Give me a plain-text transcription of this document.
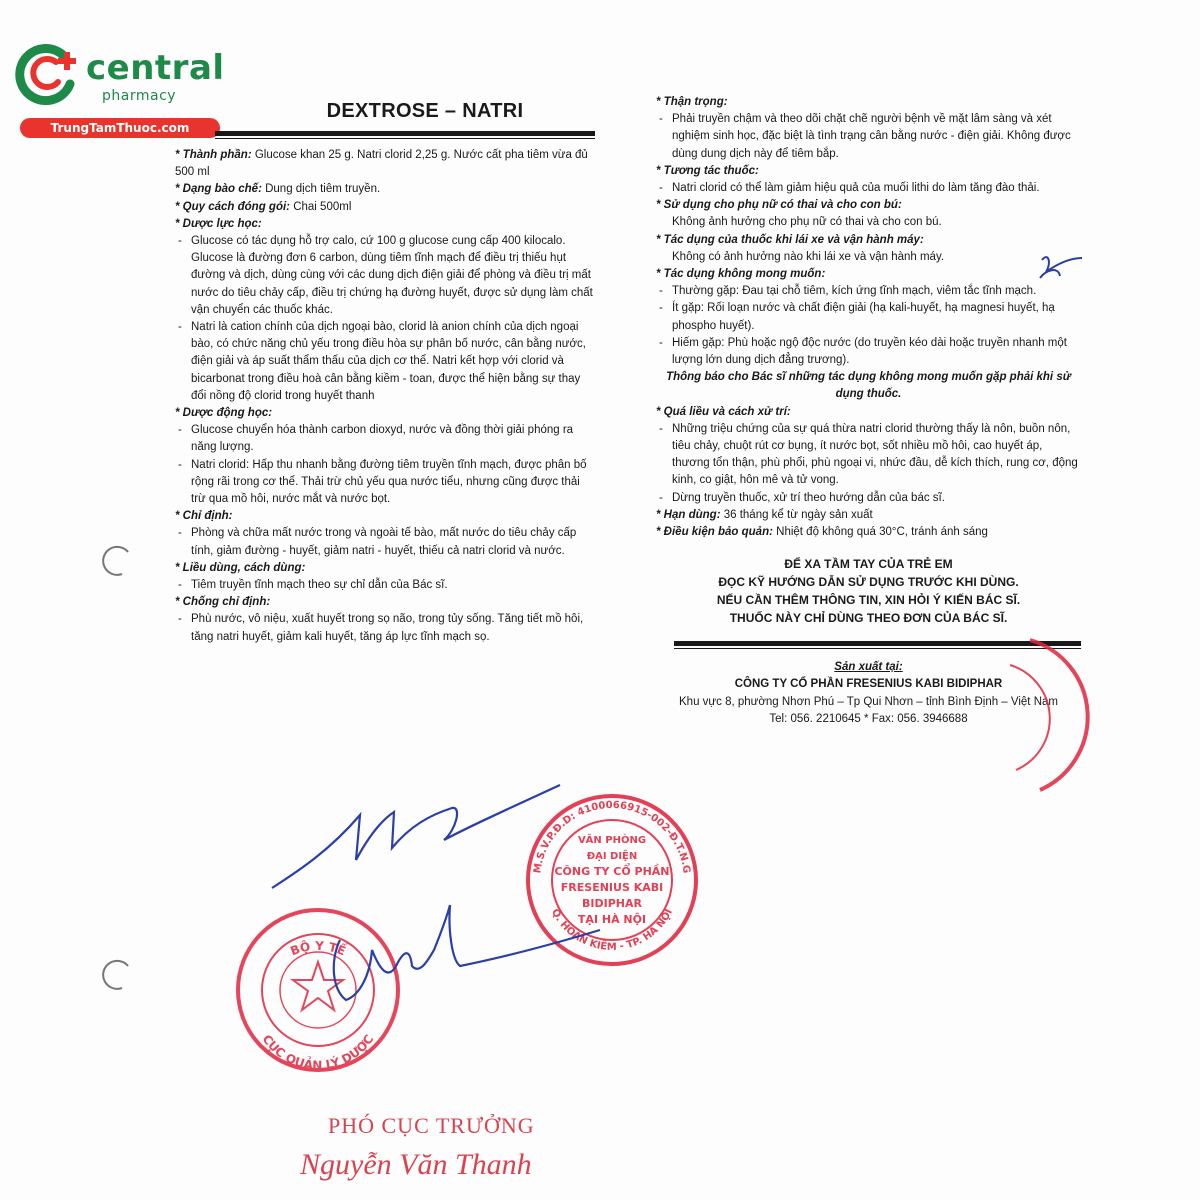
central
pharmacy
TrungTamThuoc.com
DEXTROSE – NATRI
* Thành phần: Glucose khan 25 g. Natri clorid 2,25 g. Nước cất pha tiêm vừa đủ 500 ml
* Dạng bào chế: Dung dịch tiêm truyền.
* Quy cách đóng gói: Chai 500ml
* Dược lực học:
- Glucose có tác dụng hỗ trợ calo, cứ 100 g glucose cung cấp 400 kilocalo. Glucose là đường đơn 6 carbon, dùng tiêm tĩnh mạch để điều trị thiếu hụt đường và dịch, dùng cùng với các dung dịch điện giải để phòng và điều trị mất nước do tiêu chảy cấp, điều trị chứng hạ đường huyết, được sử dụng làm chất vận chuyển các thuốc khác.
- Natri là cation chính của dịch ngoại bào, clorid là anion chính của dịch ngoại bào, có chức năng chủ yếu trong điều hòa sự phân bố nước, cân bằng nước, điện giải và áp suất thẩm thấu của dịch cơ thể. Natri kết hợp với clorid và bicarbonat trong điều hoà cân bằng kiềm - toan, được thể hiện bằng sự thay đổi nồng độ clorid trong huyết thanh
* Dược động học:
- Glucose chuyển hóa thành carbon dioxyd, nước và đồng thời giải phóng ra năng lượng.
- Natri clorid: Hấp thu nhanh bằng đường tiêm truyền tĩnh mạch, được phân bố rộng rãi trong cơ thể. Thải trừ chủ yếu qua nước tiểu, nhưng cũng được thải trừ qua mồ hôi, nước mắt và nước bọt.
* Chỉ định:
- Phòng và chữa mất nước trong và ngoài tế bào, mất nước do tiêu chảy cấp tính, giảm đường - huyết, giảm natri - huyết, thiếu cả natri clorid và nước.
* Liều dùng, cách dùng:
- Tiêm truyền tĩnh mạch theo sự chỉ dẫn của Bác sĩ.
* Chống chỉ định:
- Phù nước, vô niệu, xuất huyết trong sọ não, trong tủy sống. Tăng tiết mồ hôi, tăng natri huyết, giảm kali huyết, tăng áp lực tĩnh mạch sọ.
* Thận trọng:
- Phải truyền chậm và theo dõi chặt chẽ người bệnh về mặt lâm sàng và xét nghiệm sinh học, đặc biệt là tình trạng cân bằng nước - điện giải. Không được dùng dung dịch này để tiêm bắp.
* Tương tác thuốc:
- Natri clorid có thể làm giảm hiệu quả của muối lithi do làm tăng đào thải.
* Sử dụng cho phụ nữ có thai và cho con bú:
Không ảnh hưởng cho phụ nữ có thai và cho con bú.
* Tác dụng của thuốc khi lái xe và vận hành máy:
Không có ảnh hưởng nào khi lái xe và vận hành máy.
* Tác dụng không mong muốn:
- Thường gặp: Đau tại chỗ tiêm, kích ứng tĩnh mạch, viêm tắc tĩnh mạch.
- Ít gặp: Rối loạn nước và chất điện giải (hạ kali-huyết, hạ magnesi huyết, hạ phospho huyết).
- Hiếm gặp: Phù hoặc ngộ độc nước (do truyền kéo dài hoặc truyền nhanh một lượng lớn dung dịch đẳng trương).
Thông báo cho Bác sĩ những tác dụng không mong muốn gặp phải khi sử dụng thuốc.
* Quá liều và cách xử trí:
- Những triệu chứng của sự quá thừa natri clorid thường thấy là nôn, buồn nôn, tiêu chảy, chuột rút cơ bụng, ít nước bọt, sốt nhiều mồ hôi, cao huyết áp, thương tổn thận, phù phổi, phù ngoại vi, nhức đầu, dễ kích thích, rung cơ, động kinh, co giật, hôn mê và tử vong.
- Dừng truyền thuốc, xử trí theo hướng dẫn của bác sĩ.
* Hạn dùng: 36 tháng kể từ ngày sản xuất
* Điều kiện bảo quản: Nhiệt độ không quá 30°C, tránh ánh sáng
ĐỂ XA TẦM TAY CỦA TRẺ EM
ĐỌC KỸ HƯỚNG DẪN SỬ DỤNG TRƯỚC KHI DÙNG.
NẾU CẦN THÊM THÔNG TIN, XIN HỎI Ý KIẾN BÁC SĨ.
THUỐC NÀY CHỈ DÙNG THEO ĐƠN CỦA BÁC SĨ.
Sản xuất tại:
CÔNG TY CỔ PHẦN FRESENIUS KABI BIDIPHAR
Khu vực 8, phường Nhơn Phú – Tp Qui Nhơn – tỉnh Bình Định – Việt Nam
Tel: 056. 2210645 * Fax: 056. 3946688
M.S.V.P.Đ.D: 4100066915-002-Đ.T.N.G
Q. HOÀN KIẾM - TP. HÀ NỘI
VĂN PHÒNG
ĐẠI DIỆN
CÔNG TY CỔ PHẦN
FRESENIUS KABI
BIDIPHAR
TẠI HÀ NỘI
BỘ Y TẾ
CỤC QUẢN LÝ DƯỢC
PHÓ CỤC TRƯỞNG
Nguyễn Văn Thanh
